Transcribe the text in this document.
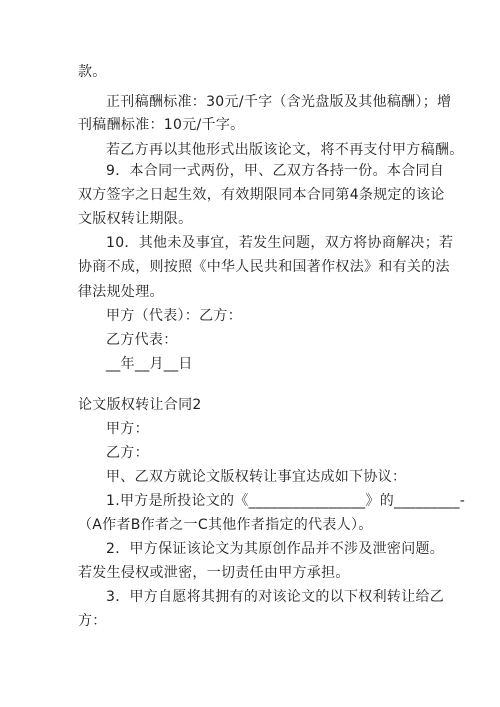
款。

正刊稿酬标准：30元/千字（含光盘版及其他稿酬）；增

刊稿酬标准：10元/千字。

若乙方再以其他形式出版该论文，将不再支付甲方稿酬。

9．本合同一式两份，甲、乙双方各持一份。本合同自

双方签字之日起生效，有效期限同本合同第4条规定的该论

文版权转让期限。

10．其他未及事宜，若发生问题，双方将协商解决；若

协商不成，则按照《中华人民共和国著作权法》和有关的法

律法规处理。

甲方（代表）：乙方：

乙方代表：

__年__月__日

论文版权转让合同2

甲方：

乙方：

甲、乙双方就论文版权转让事宜达成如下协议：

1.甲方是所投论文的《________________》的_________-

（A作者B作者之一C其他作者指定的代表人）。

2．甲方保证该论文为其原创作品并不涉及泄密问题。

若发生侵权或泄密，一切责任由甲方承担。

3．甲方自愿将其拥有的对该论文的以下权利转让给乙

方：
